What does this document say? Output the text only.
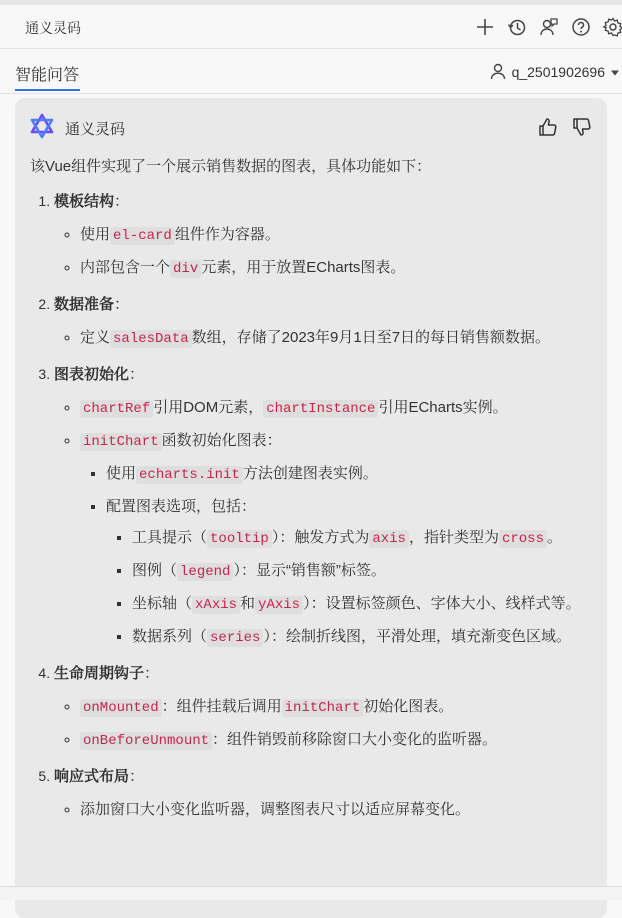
通义灵码
智能问答	q_2501902696
通义灵码

该Vue组件实现了一个展示销售数据的图表，具体功能如下：

1. 模板结构：
◦ 使用 el-card 组件作为容器。
◦ 内部包含一个 div 元素，用于放置ECharts图表。
2. 数据准备：
◦ 定义 salesData 数组，存储了2023年9月1日至7日的每日销售额数据。
3. 图表初始化：
◦ chartRef 引用DOM元素， chartInstance 引用ECharts实例。
◦ initChart 函数初始化图表：
▪ 使用 echarts.init 方法创建图表实例。
▪ 配置图表选项，包括：
▪ 工具提示（ tooltip ）：触发方式为 axis ，指针类型为 cross 。
▪ 图例（ legend ）：显示“销售额”标签。
▪ 坐标轴（ xAxis 和 yAxis ）：设置标签颜色、字体大小、线样式等。
▪ 数据系列（ series ）：绘制折线图，平滑处理，填充渐变色区域。
4. 生命周期钩子：
◦ onMounted ：组件挂载后调用 initChart 初始化图表。
◦ onBeforeUnmount ：组件销毁前移除窗口大小变化的监听器。
5. 响应式布局：
◦ 添加窗口大小变化监听器，调整图表尺寸以适应屏幕变化。
